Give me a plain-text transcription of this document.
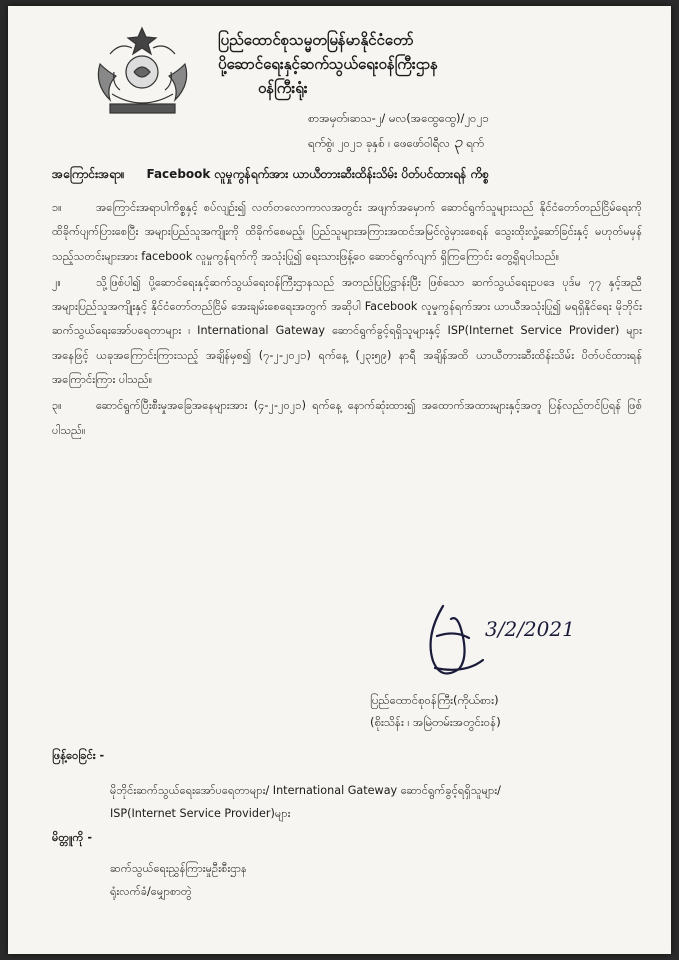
ပြည်ထောင်စုသမ္မတမြန်မာနိုင်ငံတော်
ပို့ဆောင်ရေးနှင့်ဆက်သွယ်ရေးဝန်ကြီးဌာန
ဝန်ကြီးရုံး
စာအမှတ်၊ဆသ-၂/ မလ(အထွေထွေ)/၂၀၂၁
ရက်စွဲ၊ ၂၀၂၁ ခုနှစ် ၊ ဖေဖော်ဝါရီလ ၃ ရက်
အကြောင်းအရာ။ Facebook လူမှုကွန်ရက်အား ယာယီတားဆီးထိန်းသိမ်း ပိတ်ပင်ထားရန် ကိစ္စ

၁။	အကြောင်းအရာပါကိစ္စနှင့် စပ်လျဉ်း၍ လတ်တလောကာလအတွင်း အဖျက်အမှောက် ဆောင်ရွက်သူများသည် နိုင်ငံတော်တည်ငြိမ်ရေးကို ထိခိုက်ပျက်ပြားစေပြီး အများပြည်သူအကျိုးကို ထိခိုက်စေမည့်၊ ပြည်သူများအကြားအထင်အမြင်လွဲမှားစေရန် သွေးထိုးလှုံ့ဆော်ခြင်းနှင့် မဟုတ်မမှန်သည့်သတင်းများအား facebook လူမှုကွန်ရက်ကို အသုံးပြု၍ ရေးသားဖြန့်ဝေ ဆောင်ရွက်လျက် ရှိကြကြောင်း တွေ့ရှိရပါသည်။

၂။	သို့ဖြစ်ပါ၍ ပို့ဆောင်ရေးနှင့်ဆက်သွယ်ရေးဝန်ကြီးဌာနသည် အတည်ပြုပြဋ္ဌာန်းပြီး ဖြစ်သော ဆက်သွယ်ရေးဥပဒေ ပုဒ်မ ၇၇ နှင့်အညီ အများပြည်သူအကျိုးနှင့် နိုင်ငံတော်တည်ငြိမ် အေးချမ်းစေရေးအတွက် အဆိုပါ Facebook လူမှုကွန်ရက်အား ယာယီအသုံးပြု၍ မရရှိနိုင်ရေး မိုဘိုင်းဆက်သွယ်ရေးအော်ပရေတာများ ၊ International Gateway ဆောင်ရွက်ခွင့်ရရှိသူများနှင့် ISP(Internet Service Provider) များအနေဖြင့် ယခုအကြောင်းကြားသည့် အချိန်မှစ၍ (၇-၂-၂၀၂၁) ရက်နေ့ (၂၃း၅၉) နာရီ အချိန်အထိ ယာယီတားဆီးထိန်းသိမ်း ပိတ်ပင်ထားရန် အကြောင်းကြား ပါသည်။

၃။	ဆောင်ရွက်ပြီးစီးမှုအခြေအနေများအား (၄-၂-၂၀၂၁) ရက်နေ့ နောက်ဆုံးထား၍ အထောက်အထားများနှင့်အတူ ပြန်လည်တင်ပြရန် ဖြစ်ပါသည်။

3/2/2021
ပြည်ထောင်စုဝန်ကြီး(ကိုယ်စား)
(စိုးသိန်း ၊ အမြဲတမ်းအတွင်းဝန်)
ဖြန့်ဝေခြင်း -
မိုဘိုင်းဆက်သွယ်ရေးအော်ပရေတာများ/ International Gateway ဆောင်ရွက်ခွင့်ရရှိသူများ/
ISP(Internet Service Provider)များ
မိတ္တူကို -
ဆက်သွယ်ရေးညွှန်ကြားမှုဦးစီးဌာန
ရုံးလက်ခံ/မျှောစာတွဲ
